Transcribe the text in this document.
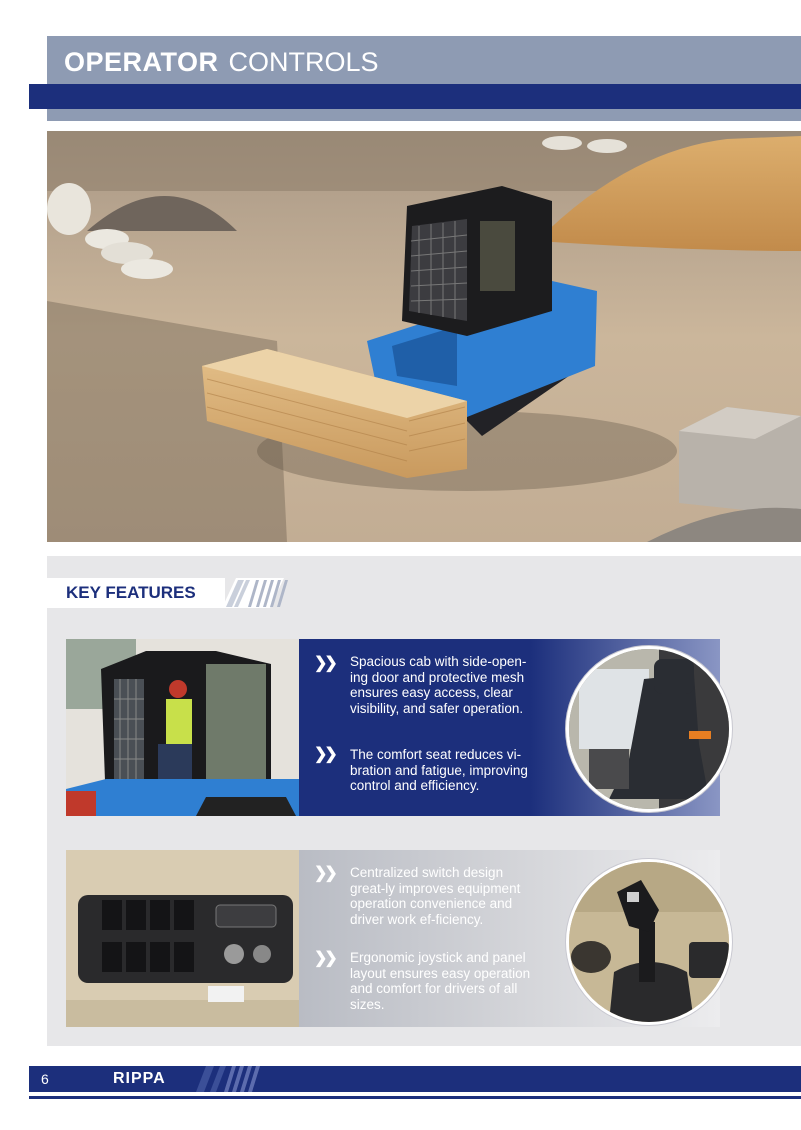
OPERATOR CONTROLS
KEY FEATURES
❯❯ Spacious cab with side-open-ing door and protective mesh ensures easy access, clear visibility, and safer operation.
❯❯ The comfort seat reduces vi-bration and fatigue, improving control and efficiency.
❯❯ Centralized switch design great-ly improves equipment operation convenience and driver work ef-ficiency.
❯❯ Ergonomic joystick and panel layout ensures easy operation and comfort for drivers of all sizes.
6	RIPPA
